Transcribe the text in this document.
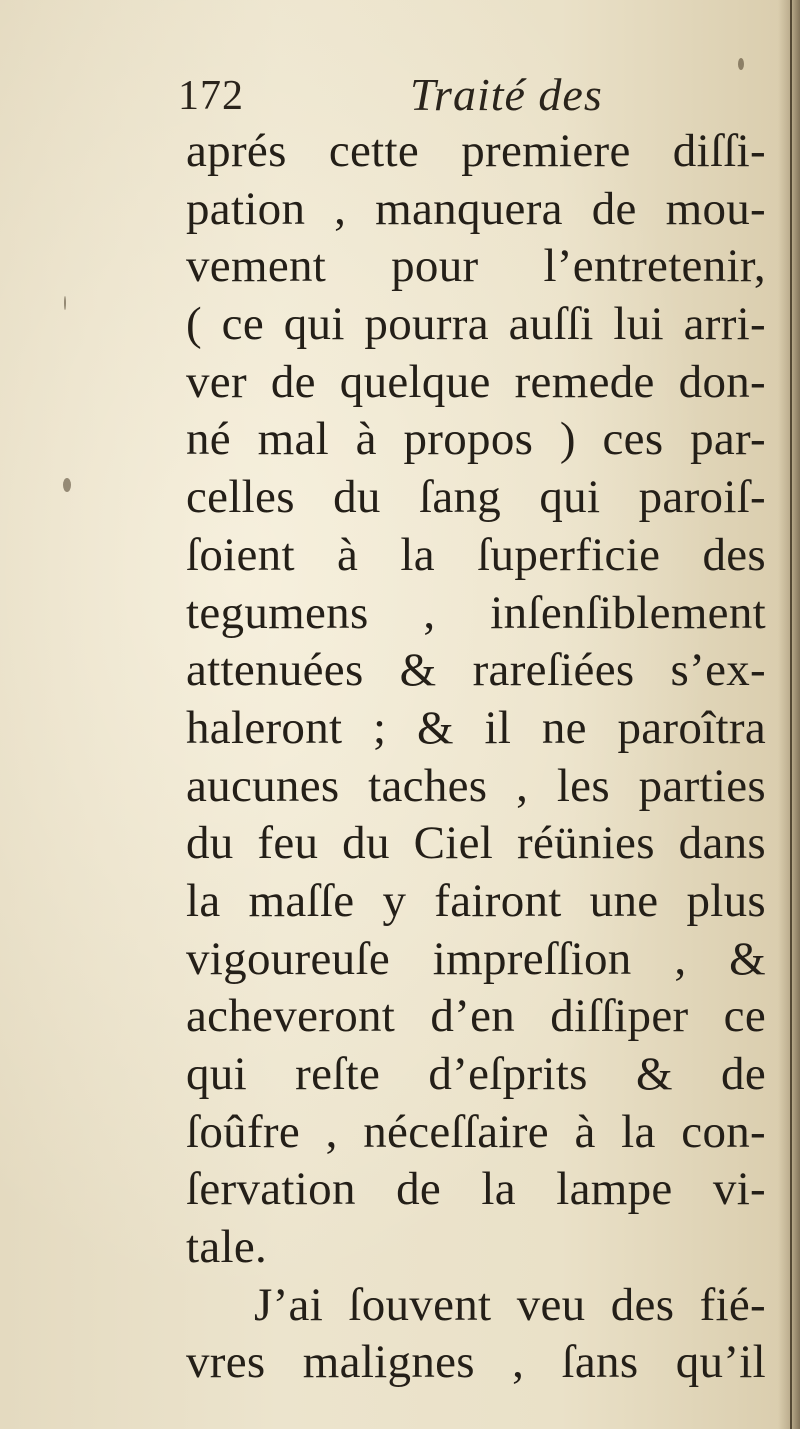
172	Traité des
aprés cette premiere diſſi-
pation , manquera de mou-
vement pour l’entretenir,
( ce qui pourra auſſi lui arri-
ver de quelque remede don-
né mal à propos ) ces par-
celles du ſang qui paroiſ-
ſoient à la ſuperficie des
tegumens , inſenſiblement
attenuées & rareſiées s’ex-
haleront ; & il ne paroîtra
aucunes taches , les parties
du feu du Ciel réünies dans
la maſſe y fairont une plus
vigoureuſe impreſſion , &
acheveront d’en diſſiper ce
qui reſte d’eſprits & de
ſoûfre , néceſſaire à la con-
ſervation de la lampe vi-
tale.
J’ai ſouvent veu des fié-
vres malignes , ſans qu’il
